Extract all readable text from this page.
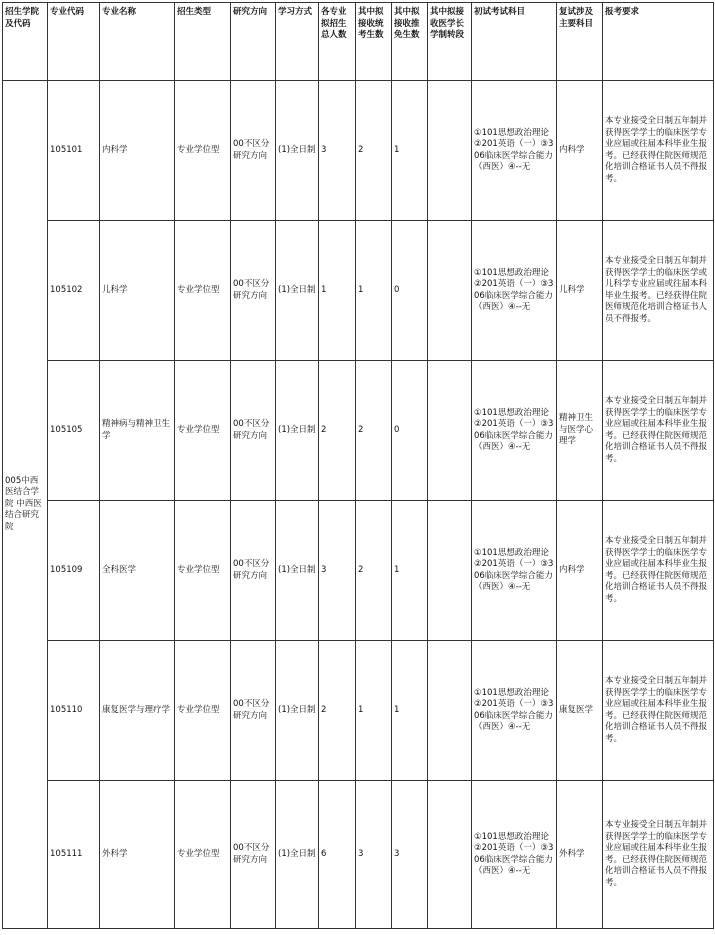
招生学院及代码	专业代码	专业名称	招生类型	研究方向	学习方式	各专业拟招生总人数	其中拟接收统考生数	其中拟接收推免生数	其中拟接收医学长学制转段	初试考试科目	复试涉及主要科目	报考要求
005中西医结合学院 中西医结合研究院	105101	内科学	专业学位型	00不区分研究方向	(1)全日制	3	2	1		①101思想政治理论②201英语（一）③306临床医学综合能力（西医）④--无	内科学	本专业接受全日制五年制并获得医学学士的临床医学专业应届或往届本科毕业生报考。已经获得住院医师规范化培训合格证书人员不得报考。
	105102	儿科学	专业学位型	00不区分研究方向	(1)全日制	1	1	0		①101思想政治理论②201英语（一）③306临床医学综合能力（西医）④--无	儿科学	本专业接受全日制五年制并获得医学学士的临床医学或儿科学专业应届或往届本科毕业生报考。已经获得住院医师规范化培训合格证书人员不得报考。
	105105	精神病与精神卫生学	专业学位型	00不区分研究方向	(1)全日制	2	2	0		①101思想政治理论②201英语（一）③306临床医学综合能力（西医）④--无	精神卫生与医学心理学	本专业接受全日制五年制并获得医学学士的临床医学专业应届或往届本科毕业生报考。已经获得住院医师规范化培训合格证书人员不得报考。
	105109	全科医学	专业学位型	00不区分研究方向	(1)全日制	3	2	1		①101思想政治理论②201英语（一）③306临床医学综合能力（西医）④--无	内科学	本专业接受全日制五年制并获得医学学士的临床医学专业应届或往届本科毕业生报考。已经获得住院医师规范化培训合格证书人员不得报考。
	105110	康复医学与理疗学	专业学位型	00不区分研究方向	(1)全日制	2	1	1		①101思想政治理论②201英语（一）③306临床医学综合能力（西医）④--无	康复医学	本专业接受全日制五年制并获得医学学士的临床医学专业应届或往届本科毕业生报考。已经获得住院医师规范化培训合格证书人员不得报考。
	105111	外科学	专业学位型	00不区分研究方向	(1)全日制	6	3	3		①101思想政治理论②201英语（一）③306临床医学综合能力（西医）④--无	外科学	本专业接受全日制五年制并获得医学学士的临床医学专业应届或往届本科毕业生报考。已经获得住院医师规范化培训合格证书人员不得报考。
